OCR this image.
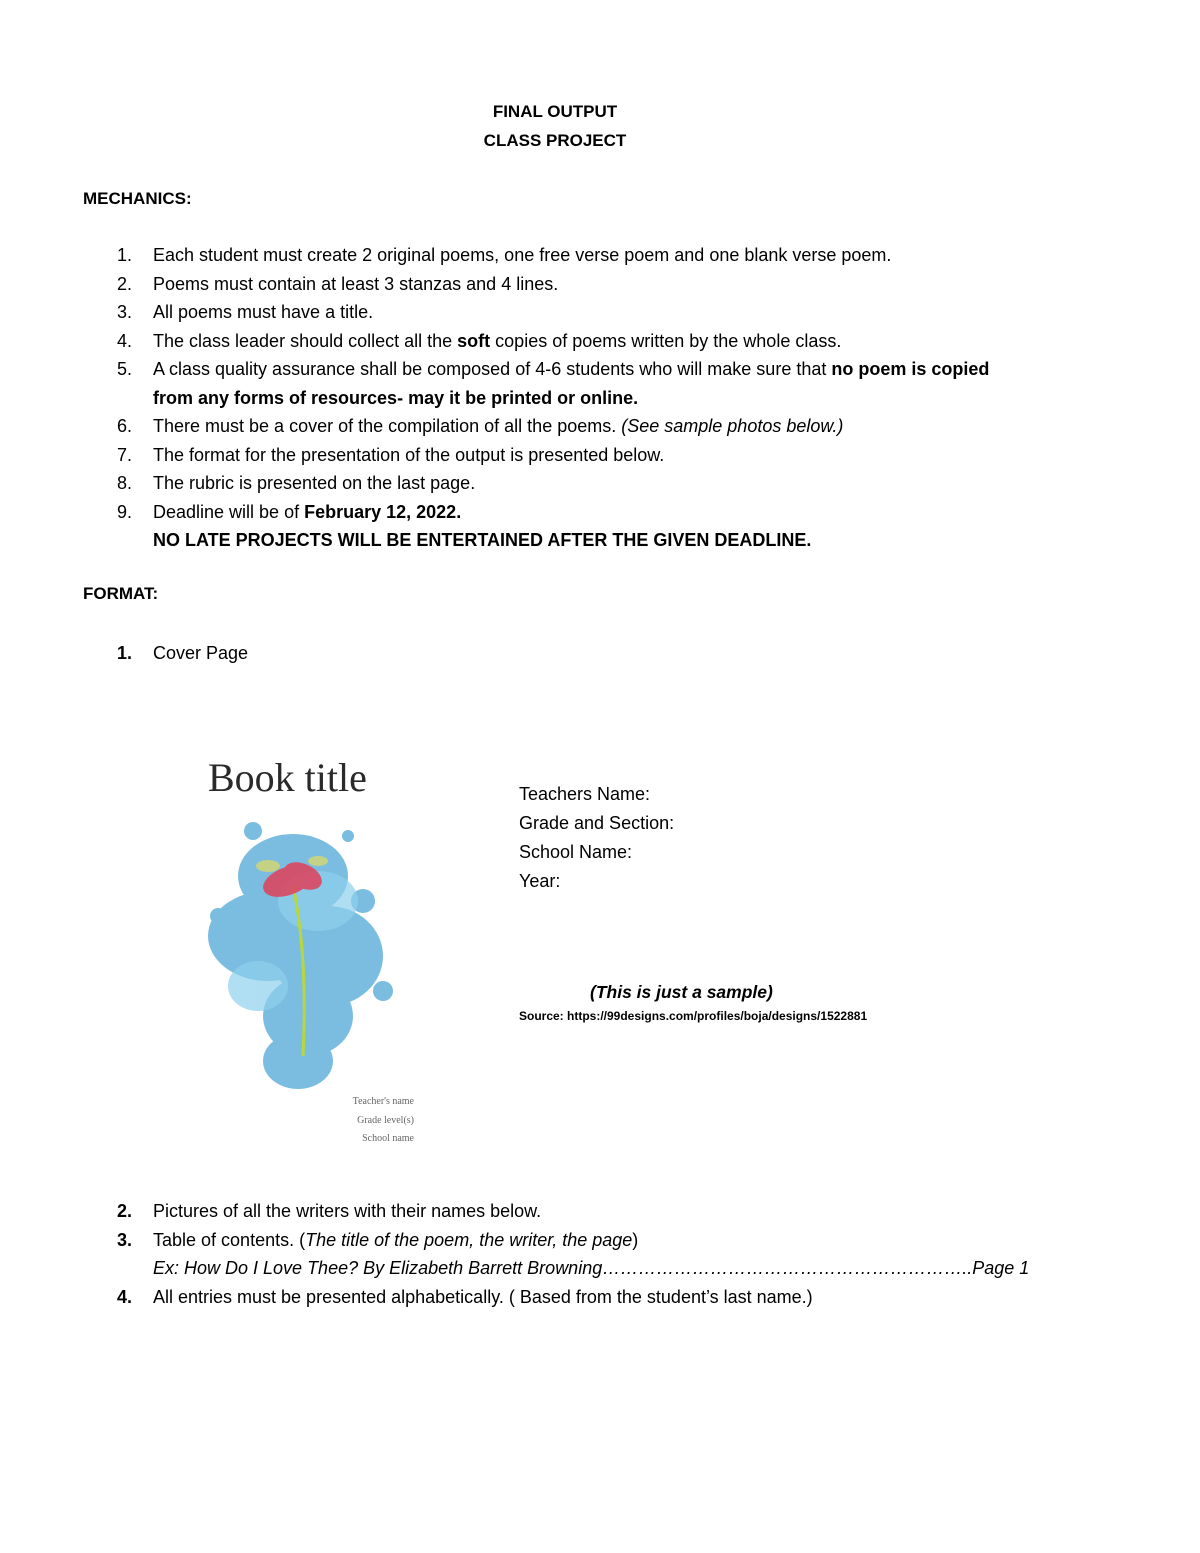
FINAL OUTPUT
CLASS PROJECT
MECHANICS:
1. Each student must create 2 original poems, one free verse poem and one blank verse poem.
2. Poems must contain at least 3 stanzas and 4 lines.
3. All poems must have a title.
4. The class leader should collect all the soft copies of poems written by the whole class.
5. A class quality assurance shall be composed of 4-6 students who will make sure that no poem is copied from any forms of resources- may it be printed or online.
6. There must be a cover of the compilation of all the poems. (See sample photos below.)
7. The format for the presentation of the output is presented below.
8. The rubric is presented on the last page.
9. Deadline will be of February 12, 2022.
NO LATE PROJECTS WILL BE ENTERTAINED AFTER THE GIVEN DEADLINE.
FORMAT:
1. Cover Page
Book title
Teacher's name
Grade level(s)
School name
Teachers Name:
Grade and Section:
School Name:
Year:
(This is just a sample)
Source: https://99designs.com/profiles/boja/designs/1522881
2. Pictures of all the writers with their names below.
3. Table of contents. (The title of the poem, the writer, the page)
Ex: How Do I Love Thee? By Elizabeth Barrett Browning……………………………………………………..Page 1
4. All entries must be presented alphabetically. ( Based from the student’s last name.)
